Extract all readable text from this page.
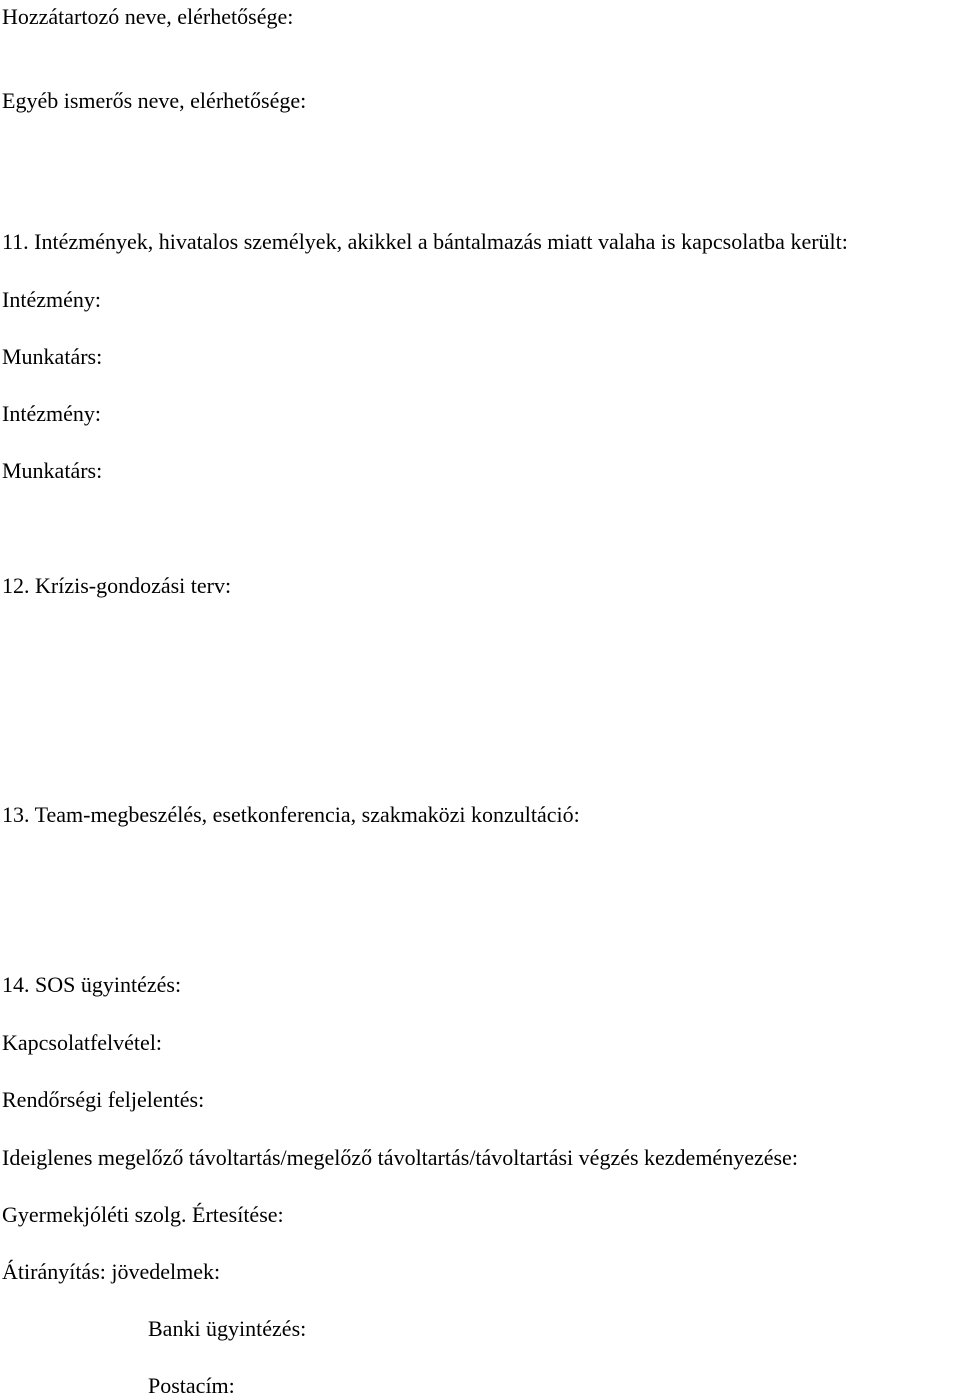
Hozzátartozó neve, elérhetősége:
Egyéb ismerős neve, elérhetősége:
11. Intézmények, hivatalos személyek, akikkel a bántalmazás miatt valaha is kapcsolatba került:
Intézmény:
Munkatárs:
Intézmény:
Munkatárs:
12. Krízis-gondozási terv:
13. Team-megbeszélés, esetkonferencia, szakmaközi konzultáció:
14. SOS ügyintézés:
Kapcsolatfelvétel:
Rendőrségi feljelentés:
Ideiglenes megelőző távoltartás/megelőző távoltartás/távoltartási végzés kezdeményezése:
Gyermekjóléti szolg. Értesítése:
Átirányítás: jövedelmek:
Banki ügyintézés:
Postacím:
